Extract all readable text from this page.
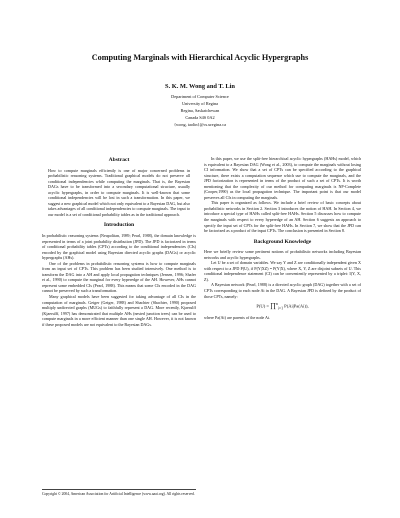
Computing Marginals with Hierarchical Acyclic Hypergraphs
S. K. M. Wong and T. Lin
Department of Computer Science
University of Regina
Regina, Saskatchewan
Canada S4S 0A2
{wong, taolin}@cs.uregina.ca
Abstract

How to compute marginals efficiently is one of major concerned problems in probabilistic reasoning systems. Traditional graphical models do not preserve all conditional independencies while computing the marginals. That is, the Bayesian DAGs have to be transformed into a secondary computational structure, usually acyclic hypergraphs, in order to compute marginals. It is well-known that some conditional independencies will be lost in such a transformation. In this paper, we suggest a new graphical model which not only equivalent to a Bayesian DAG, but also takes advantages of all conditional independencies to compute marginals. The input to our model is a set of conditional probability tables as in the traditional approach.

Introduction

In probabilistic reasoning systems (Neapolitan, 1989; Pearl, 1988), the domain knowledge is represented in terms of a joint probability distribution (JPD). The JPD is factorized in terms of conditional probability tables (CPTs) according to the conditional independencies (CIs) encoded by the graphical model using Bayesian directed acyclic graphs (DAGs) or acyclic hypergraphs (AHs).

One of the problems in probabilistic reasoning systems is how to compute marginals from an input set of CPTs. This problem has been studied intensively. One method is to transform the DAG into a AH and apply local propagation techniques (Jensen, 1996; Shafer et al., 1990) to compute the marginal for every hyperedge of the AH. However, AHs cannot represent some embedded CIs (Pearl, 1988). This means that some CIs encoded in the DAG cannot be preserved by such a transformation.

Many graphical models have been suggested for taking advantage of all CIs in the computation of marginals. Geiger (Geiger, 1988) and Shachter (Shachter, 1990) proposed multiply undirected graphs (MUGs) to faithfully represent a DAG. More recently, Kjaerulff (Kjaerulff, 1997) has demonstrated that multiple AHs (nested junction trees) can be used to compute marginals in a more efficient manner than one single AH. However, it is not known if these proposed models are not equivalent to the Bayesian DAGs.

Copyright © 2004, American Association for Artificial Intelligence (www.aaai.org). All rights reserved.

In this paper, we use the split-free hierarchical acyclic hypergraphs (HAHs) model, which is equivalent to a Bayesian DAG (Wong et al., 2003), to compute the marginals without losing CI information. We show that a set of CPTs can be specified according to the graphical structure, there exists a computation sequence which use to compute the marginals, and the JPD factorization is represented in terms of the product of such a set of CPTs. It is worth mentioning that the complexity of our method for computing marginals is NP-Complete (Cooper,1990) as the local propagation technique. The important point is that our model preserves all CIs in computing the marginals.

This paper is organized as follows. We include a brief review of basic concepts about probabilistic networks in Section 2. Section 3 introduces the notion of HAH. In Section 4, we introduce a special type of HAHs called split-free HAHs. Section 5 discusses how to compute the marginals with respect to every hyperedge of an AH. Section 6 suggests an approach to specify the input set of CPTs for the split-free HAHs. In Section 7, we show that the JPD can be factorized as a product of the input CPTs. The conclusion is presented in Section 8.

Background Knowledge

Here we briefly review some pertinent notions of probabilistic networks including Bayesian networks and acyclic hypergraphs.

Let U be a set of domain variables. We say Y and Z are conditionally independent given X with respect to a JPD P(U), if P(Y|XZ) = P(Y|X), where X, Y, Z are disjoint subsets of U. This conditional independence statement (CI) can be conveniently represented by a triplet: I(Y, X, Z).

A Bayesian network (Pearl, 1988) is a directed acyclic graph (DAG) together with a set of CPTs corresponding to each node Ai in the DAG. A Bayesian JPD is defined by the product of those CPTs, namely:

P(U) = ∏$^n_{i=1}$ P(Ai|Pa(Ai)),

where Pa(Ai) are parents of the node Ai.
